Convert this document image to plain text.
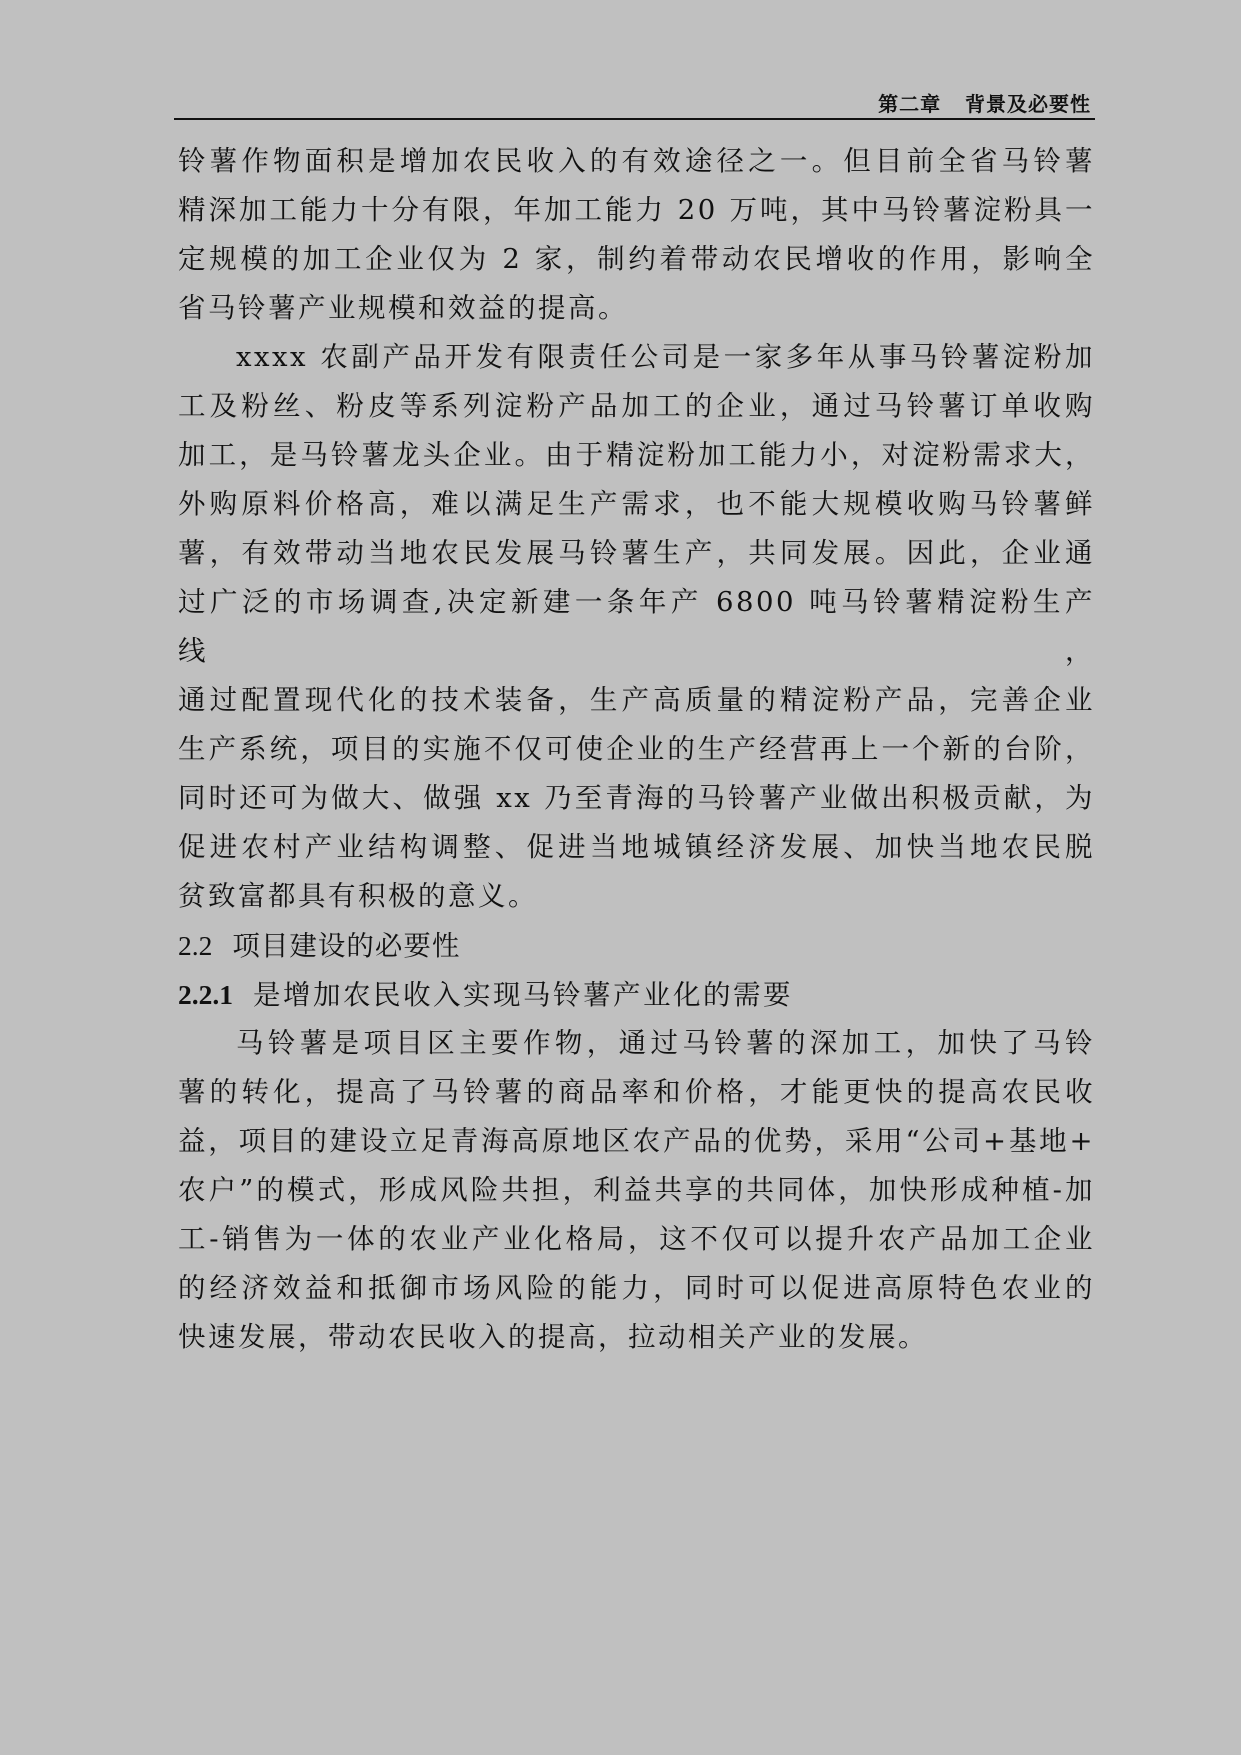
第二章 背景及必要性

铃薯作物面积是增加农民收入的有效途径之一。但目前全省马铃薯
精深加工能力十分有限，年加工能力 20 万吨，其中马铃薯淀粉具一
定规模的加工企业仅为 2 家，制约着带动农民增收的作用，影响全
省马铃薯产业规模和效益的提高。

xxxx 农副产品开发有限责任公司是一家多年从事马铃薯淀粉加
工及粉丝、粉皮等系列淀粉产品加工的企业，通过马铃薯订单收购
加工，是马铃薯龙头企业。由于精淀粉加工能力小，对淀粉需求大，
外购原料价格高，难以满足生产需求，也不能大规模收购马铃薯鲜
薯，有效带动当地农民发展马铃薯生产，共同发展。因此，企业通
过广泛的市场调查,决定新建一条年产 6800 吨马铃薯精淀粉生产线，
通过配置现代化的技术装备，生产高质量的精淀粉产品，完善企业
生产系统，项目的实施不仅可使企业的生产经营再上一个新的台阶，
同时还可为做大、做强 xx 乃至青海的马铃薯产业做出积极贡献，为
促进农村产业结构调整、促进当地城镇经济发展、加快当地农民脱
贫致富都具有积极的意义。

2.2 项目建设的必要性

2.2.1 是增加农民收入实现马铃薯产业化的需要

马铃薯是项目区主要作物，通过马铃薯的深加工，加快了马铃
薯的转化，提高了马铃薯的商品率和价格，才能更快的提高农民收
益，项目的建设立足青海高原地区农产品的优势，采用“公司+基地+
农户”的模式，形成风险共担，利益共享的共同体，加快形成种植-加
工-销售为一体的农业产业化格局，这不仅可以提升农产品加工企业
的经济效益和抵御市场风险的能力，同时可以促进高原特色农业的
快速发展，带动农民收入的提高，拉动相关产业的发展。
